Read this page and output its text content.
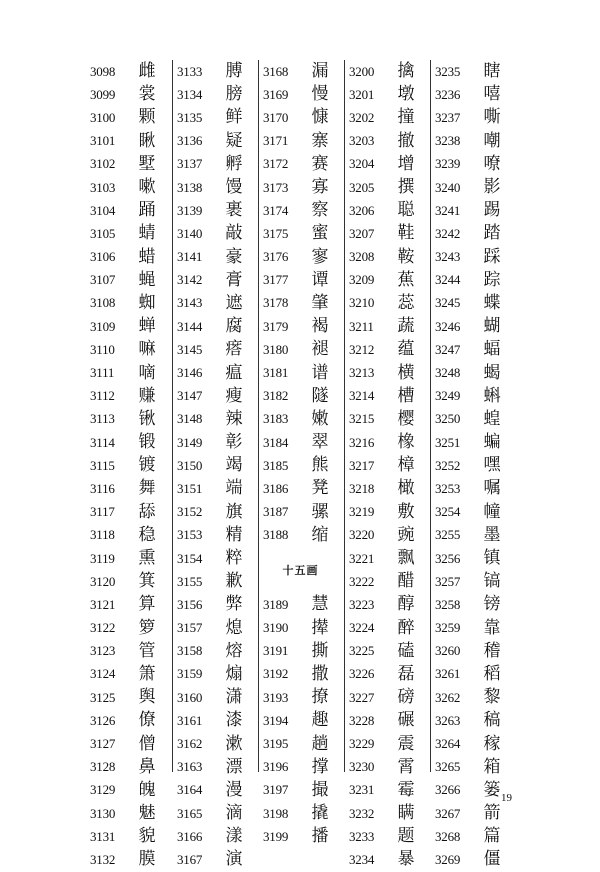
3098	雌
3099	裳
3100	颗
3101	瞅
3102	墅
3103	嗽
3104	踊
3105	蜻
3106	蜡
3107	蝇
3108	蜘
3109	蝉
3110	嘛
3111	嘀
3112	赚
3113	锹
3114	锻
3115	镀
3116	舞
3117	舔
3118	稳
3119	熏
3120	箕
3121	算
3122	箩
3123	管
3124	箫
3125	舆
3126	僚
3127	僧
3128	鼻
3129	魄
3130	魅
3131	貌
3132	膜
3133	膊
3134	膀
3135	鲜
3136	疑
3137	孵
3138	馒
3139	裹
3140	敲
3141	豪
3142	膏
3143	遮
3144	腐
3145	瘩
3146	瘟
3147	瘦
3148	辣
3149	彰
3150	竭
3151	端
3152	旗
3153	精
3154	粹
3155	歉
3156	弊
3157	熄
3158	熔
3159	煽
3160	潇
3161	漆
3162	漱
3163	漂
3164	漫
3165	滴
3166	漾
3167	演
3168	漏
3169	慢
3170	慷
3171	寨
3172	赛
3173	寡
3174	察
3175	蜜
3176	寥
3177	谭
3178	肇
3179	褐
3180	褪
3181	谱
3182	隧
3183	嫩
3184	翠
3185	熊
3186	凳
3187	骡
3188	缩
十五画
3189	慧
3190	撵
3191	撕
3192	撒
3193	撩
3194	趣
3195	趟
3196	撑
3197	撮
3198	撬
3199	播
3200	擒
3201	墩
3202	撞
3203	撤
3204	增
3205	撰
3206	聪
3207	鞋
3208	鞍
3209	蕉
3210	蕊
3211	蔬
3212	蕴
3213	横
3214	槽
3215	樱
3216	橡
3217	樟
3218	橄
3219	敷
3220	豌
3221	飘
3222	醋
3223	醇
3224	醉
3225	磕
3226	磊
3227	磅
3228	碾
3229	震
3230	霄
3231	霉
3232	瞒
3233	题
3234	暴
3235	瞎
3236	嘻
3237	嘶
3238	嘲
3239	嘹
3240	影
3241	踢
3242	踏
3243	踩
3244	踪
3245	蝶
3246	蝴
3247	蝠
3248	蝎
3249	蝌
3250	蝗
3251	蝙
3252	嘿
3253	嘱
3254	幢
3255	墨
3256	镇
3257	镐
3258	镑
3259	靠
3260	稽
3261	稻
3262	黎
3263	稿
3264	稼
3265	箱
3266	篓
3267	箭
3268	篇
3269	僵
19
